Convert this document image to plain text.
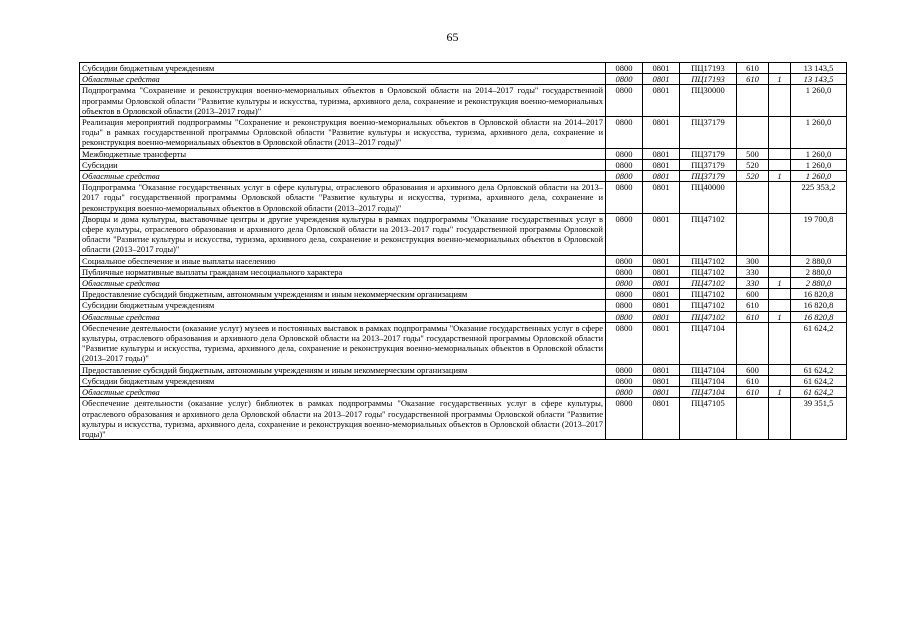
65
Субсидии бюджетным учреждениям	0800	0801	ПЦ17193	610		13 143,5
Областные средства	0800	0801	ПЦ17193	610	1	13 143,5
Подпрограмма "Сохранение и реконструкция военно-мемориальных объектов в Орловской области на 2014–2017 годы" государственной программы Орловской области "Развитие культуры и искусства, туризма, архивного дела, сохранение и реконструкция военно-мемориальных объектов в Орловской области (2013–2017 годы)"	0800	0801	ПЦ30000			1 260,0
Реализация мероприятий подпрограммы "Сохранение и реконструкция военно-мемориальных объектов в Орловской области на 2014–2017 годы" в рамках государственной программы Орловской области "Развитие культуры и искусства, туризма, архивного дела, сохранение и реконструкция военно-мемориальных объектов в Орловской области (2013–2017 годы)"	0800	0801	ПЦ37179			1 260,0
Межбюджетные трансферты	0800	0801	ПЦ37179	500		1 260,0
Субсидии	0800	0801	ПЦ37179	520		1 260,0
Областные средства	0800	0801	ПЦ37179	520	1	1 260,0
Подпрограмма "Оказание государственных услуг в сфере культуры, отраслевого образования и архивного дела Орловской области на 2013–2017 годы" государственной программы Орловской области "Развитие культуры и искусства, туризма, архивного дела, сохранение и реконструкция военно-мемориальных объектов в Орловской области (2013–2017 годы)"	0800	0801	ПЦ40000			225 353,2
Дворцы и дома культуры, выставочные центры и другие учреждения культуры в рамках подпрограммы "Оказание государственных услуг в сфере культуры, отраслевого образования и архивного дела Орловской области на 2013–2017 годы" государственной программы Орловской области "Развитие культуры и искусства, туризма, архивного дела, сохранение и реконструкция военно-мемориальных объектов в Орловской области (2013–2017 годы)"	0800	0801	ПЦ47102			19 700,8
Социальное обеспечение и иные выплаты населению	0800	0801	ПЦ47102	300		2 880,0
Публичные нормативные выплаты гражданам несоциального характера	0800	0801	ПЦ47102	330		2 880,0
Областные средства	0800	0801	ПЦ47102	330	1	2 880,0
Предоставление субсидий бюджетным, автономным учреждениям и иным некоммерческим организациям	0800	0801	ПЦ47102	600		16 820,8
Субсидии бюджетным учреждениям	0800	0801	ПЦ47102	610		16 820,8
Областные средства	0800	0801	ПЦ47102	610	1	16 820,8
Обеспечение деятельности (оказание услуг) музеев и постоянных выставок в рамках подпрограммы "Оказание государственных услуг в сфере культуры, отраслевого образования и архивного дела Орловской области на 2013–2017 годы" государственной программы Орловской области "Развитие культуры и искусства, туризма, архивного дела, сохранение и реконструкция военно-мемориальных объектов в Орловской области (2013–2017 годы)"	0800	0801	ПЦ47104			61 624,2
Предоставление субсидий бюджетным, автономным учреждениям и иным некоммерческим организациям	0800	0801	ПЦ47104	600		61 624,2
Субсидии бюджетным учреждениям	0800	0801	ПЦ47104	610		61 624,2
Областные средства	0800	0801	ПЦ47104	610	1	61 624,2
Обеспечение деятельности (оказание услуг) библиотек в рамках подпрограммы "Оказание государственных услуг в сфере культуры, отраслевого образования и архивного дела Орловской области на 2013–2017 годы" государственной программы Орловской области "Развитие культуры и искусства, туризма, архивного дела, сохранение и реконструкция военно-мемориальных объектов в Орловской области (2013–2017 годы)"	0800	0801	ПЦ47105			39 351,5
